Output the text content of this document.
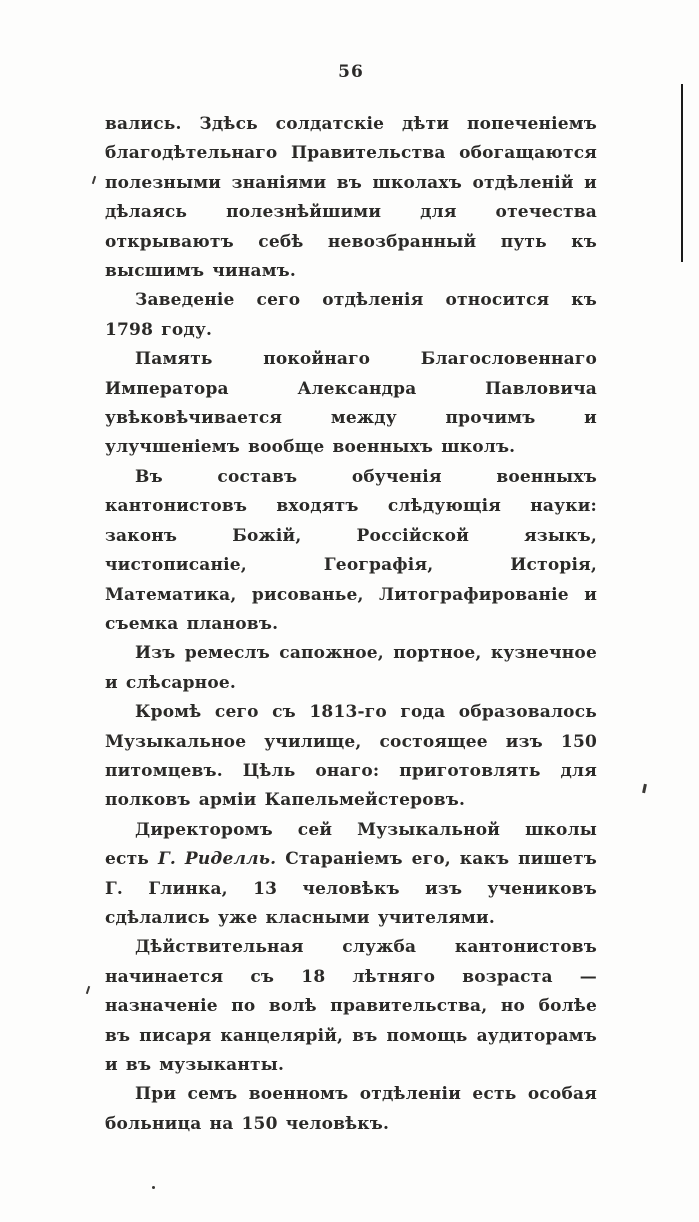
56

вались. Здѣсь солдатскіе дѣти попеченіемъ благодѣтельнаго Правительства обогащаются полезными знаніями въ школахъ отдѣленій и дѣлаясь полезнѣйшими для отечества открываютъ себѣ невозбранный путь къ высшимъ чинамъ.

Заведеніе сего отдѣленія относится къ 1798 году.

Память покойнаго Благословеннаго Императора Александра Павловича увѣковѣчивается между прочимъ и улучшеніемъ вообще военныхъ школъ.

Въ составъ обученія военныхъ кантонистовъ входятъ слѣдующія науки: законъ Божій, Россійской языкъ, чистописаніе, Географія, Исторія, Математика, рисованье, Литографированіе и съемка плановъ.

Изъ ремеслъ сапожное, портное, кузнечное и слѣсарное.

Кромѣ сего съ 1813-го года образовалось Музыкальное училище, состоящее изъ 150 питомцевъ. Цѣль онаго: приготовлять для полковъ арміи Капельмейстеровъ.

Директоромъ сей Музыкальной школы есть Г. Риделль. Стараніемъ его, какъ пишетъ Г. Глинка, 13 человѣкъ изъ учениковъ сдѣлались уже класными учителями.

Дѣйствительная служба кантонистовъ начинается съ 18 лѣтняго возраста — назначеніе по волѣ правительства, но болѣе въ писаря канцелярій, въ помощь аудиторамъ и въ музыканты.

При семъ военномъ отдѣленіи есть особая больница на 150 человѣкъ.
